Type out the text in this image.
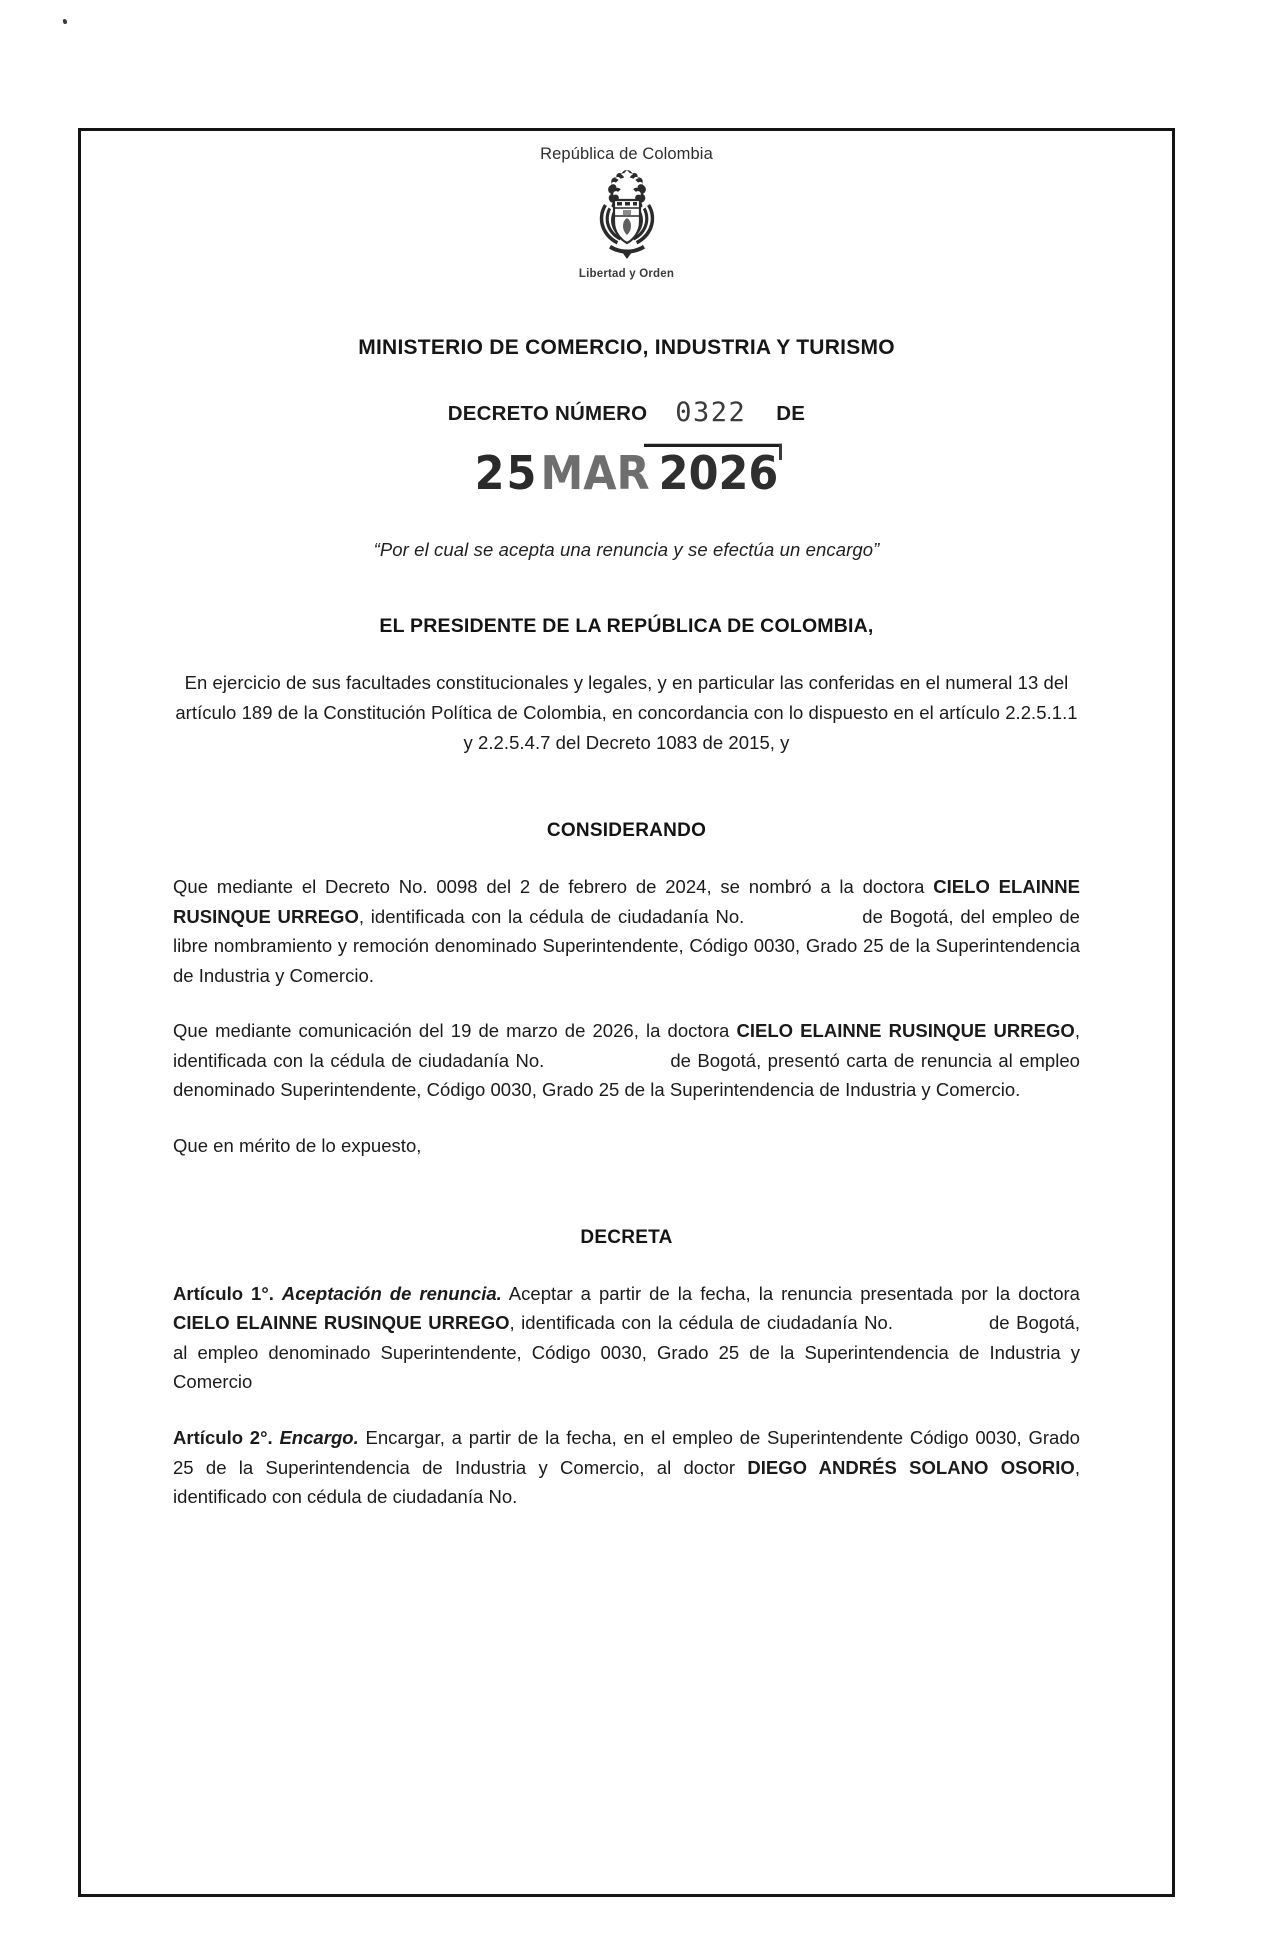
República de Colombia
Libertad y Orden
MINISTERIO DE COMERCIO, INDUSTRIA Y TURISMO
DECRETO NÚMERO 0322 DE
25MAR 2026
“Por el cual se acepta una renuncia y se efectúa un encargo”
EL PRESIDENTE DE LA REPÚBLICA DE COLOMBIA,
En ejercicio de sus facultades constitucionales y legales, y en particular las conferidas en el numeral 13 del artículo 189 de la Constitución Política de Colombia, en concordancia con lo dispuesto en el artículo 2.2.5.1.1 y 2.2.5.4.7 del Decreto 1083 de 2015, y
CONSIDERANDO

Que mediante el Decreto No. 0098 del 2 de febrero de 2024, se nombró a la doctora CIELO ELAINNE RUSINQUE URREGO, identificada con la cédula de ciudadanía No.	de Bogotá, del empleo de libre nombramiento y remoción denominado Superintendente, Código 0030, Grado 25 de la Superintendencia de Industria y Comercio.

Que mediante comunicación del 19 de marzo de 2026, la doctora CIELO ELAINNE RUSINQUE URREGO, identificada con la cédula de ciudadanía No.	de Bogotá, presentó carta de renuncia al empleo denominado Superintendente, Código 0030, Grado 25 de la Superintendencia de Industria y Comercio.

Que en mérito de lo expuesto,

DECRETA

Artículo 1°. Aceptación de renuncia. Aceptar a partir de la fecha, la renuncia presentada por la doctora CIELO ELAINNE RUSINQUE URREGO, identificada con la cédula de ciudadanía No.	de Bogotá, al empleo denominado Superintendente, Código 0030, Grado 25 de la Superintendencia de Industria y Comercio

Artículo 2°. Encargo. Encargar, a partir de la fecha, en el empleo de Superintendente Código 0030, Grado 25 de la Superintendencia de Industria y Comercio, al doctor DIEGO ANDRÉS SOLANO OSORIO, identificado con cédula de ciudadanía No.
